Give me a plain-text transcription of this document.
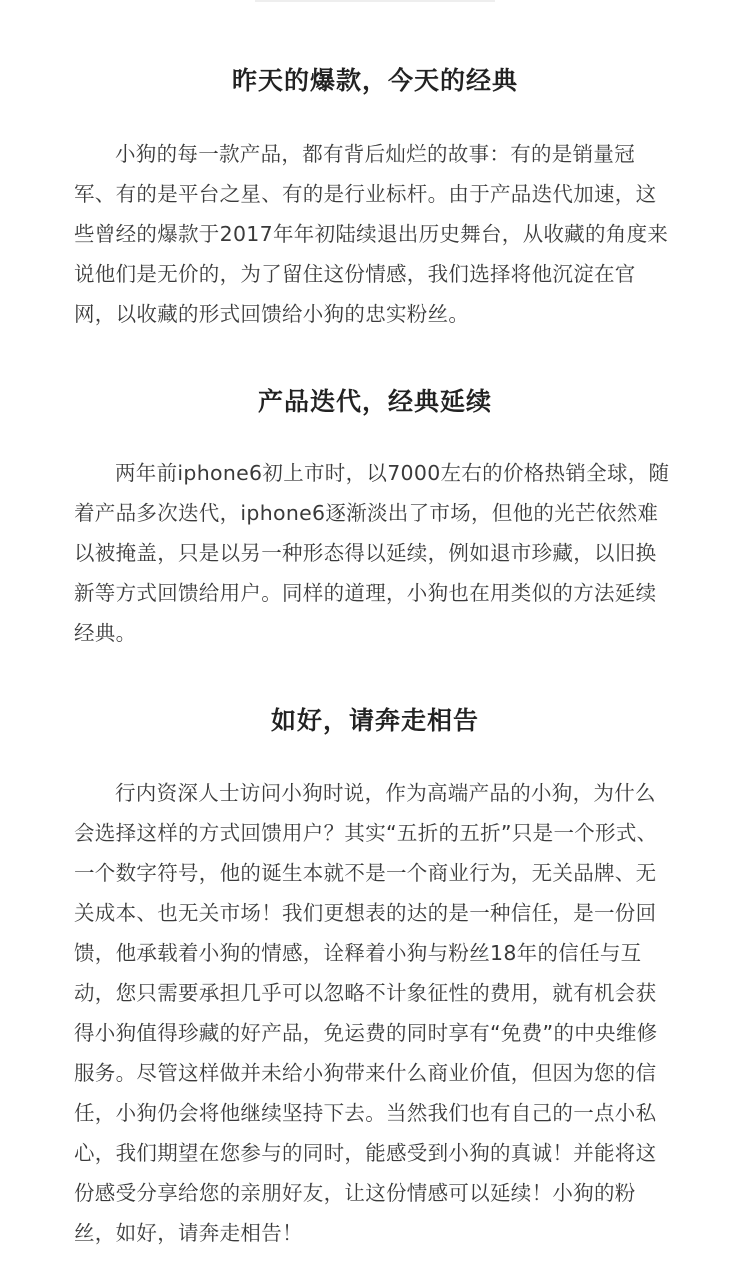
昨天的爆款，今天的经典

小狗的每一款产品，都有背后灿烂的故事：有的是销量冠军、有的是平台之星、有的是行业标杆。由于产品迭代加速，这些曾经的爆款于2017年年初陆续退出历史舞台，从收藏的角度来说他们是无价的，为了留住这份情感，我们选择将他沉淀在官网，以收藏的形式回馈给小狗的忠实粉丝。

产品迭代，经典延续

两年前iphone6初上市时，以7000左右的价格热销全球，随着产品多次迭代，iphone6逐渐淡出了市场，但他的光芒依然难以被掩盖，只是以另一种形态得以延续，例如退市珍藏，以旧换新等方式回馈给用户。同样的道理，小狗也在用类似的方法延续经典。

如好，请奔走相告

行内资深人士访问小狗时说，作为高端产品的小狗，为什么会选择这样的方式回馈用户？其实“五折的五折”只是一个形式、一个数字符号，他的诞生本就不是一个商业行为，无关品牌、无关成本、也无关市场！我们更想表的达的是一种信任，是一份回馈，他承载着小狗的情感，诠释着小狗与粉丝18年的信任与互动，您只需要承担几乎可以忽略不计象征性的费用，就有机会获得小狗值得珍藏的好产品，免运费的同时享有“免费”的中央维修服务。尽管这样做并未给小狗带来什么商业价值，但因为您的信任，小狗仍会将他继续坚持下去。当然我们也有自己的一点小私心，我们期望在您参与的同时，能感受到小狗的真诚！并能将这份感受分享给您的亲朋好友，让这份情感可以延续！小狗的粉丝，如好，请奔走相告！
